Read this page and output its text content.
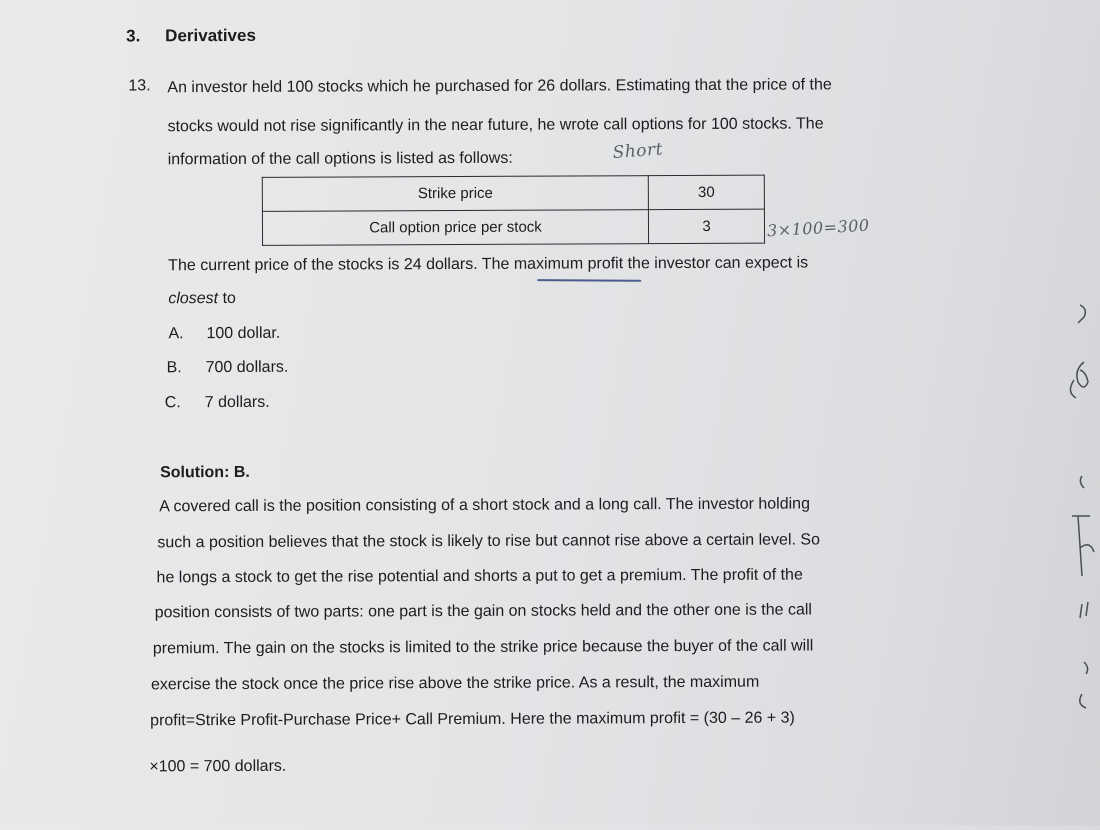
3. Derivatives
13. An investor held 100 stocks which he purchased for 26 dollars. Estimating that the price of the
stocks would not rise significantly in the near future, he wrote call options for 100 stocks. The
information of the call options is listed as follows:	Short
Strike price	30
Call option price per stock	3	3×100=300
The current price of the stocks is 24 dollars. The maximum profit the investor can expect is
closest to
A. 100 dollar.
B. 700 dollars.
C. 7 dollars.
Solution: B.
A covered call is the position consisting of a short stock and a long call. The investor holding
such a position believes that the stock is likely to rise but cannot rise above a certain level. So
he longs a stock to get the rise potential and shorts a put to get a premium. The profit of the
position consists of two parts: one part is the gain on stocks held and the other one is the call
premium. The gain on the stocks is limited to the strike price because the buyer of the call will
exercise the stock once the price rise above the strike price. As a result, the maximum
profit=Strike Profit-Purchase Price+ Call Premium. Here the maximum profit = (30 – 26 + 3)
×100 = 700 dollars.
